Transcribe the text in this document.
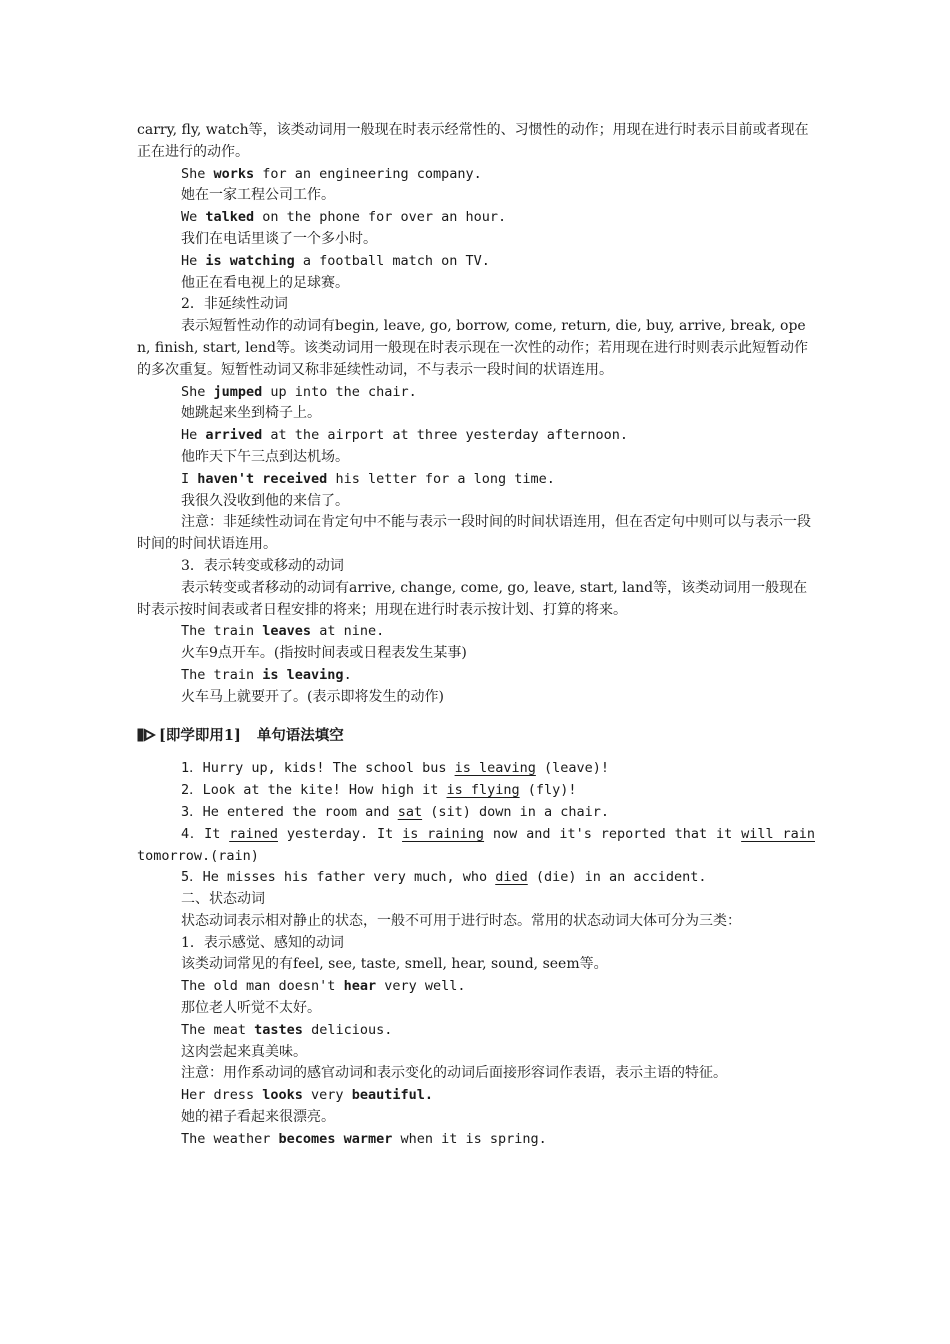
carry, fly, watch等，该类动词用一般现在时表示经常性的、习惯性的动作；用现在进行时表示目前或者现在正在进行的动作。

She works for an engineering company.

她在一家工程公司工作。

We talked on the phone for over an hour.

我们在电话里谈了一个多小时。

He is watching a football match on TV.

他正在看电视上的足球赛。

2．非延续性动词

表示短暂性动作的动词有begin, leave, go, borrow, come, return, die, buy, arrive, break, open, finish, start, lend等。该类动词用一般现在时表示现在一次性的动作；若用现在进行时则表示此短暂动作的多次重复。短暂性动词又称非延续性动词，不与表示一段时间的状语连用。

She jumped up into the chair.

她跳起来坐到椅子上。

He arrived at the airport at three yesterday afternoon.

他昨天下午三点到达机场。

I haven't received his letter for a long time.

我很久没收到他的来信了。

注意：非延续性动词在肯定句中不能与表示一段时间的时间状语连用，但在否定句中则可以与表示一段时间的时间状语连用。

3．表示转变或移动的动词

表示转变或者移动的动词有arrive, change, come, go, leave, start, land等，该类动词用一般现在时表示按时间表或者日程安排的将来；用现在进行时表示按计划、打算的将来。

The train leaves at nine.

火车9点开车。(指按时间表或日程表发生某事)

The train is leaving.

火车马上就要开了。(表示即将发生的动作)

[即学即用1] 单句语法填空

1．Hurry up, kids! The school bus is leaving (leave)!

2．Look at the kite! How high it is flying (fly)!

3．He entered the room and sat (sit) down in a chair.

4．It rained yesterday. It is raining now and it's reported that it will rain tomorrow.(rain)

5．He misses his father very much, who died (die) in an accident.

二、状态动词

状态动词表示相对静止的状态，一般不可用于进行时态。常用的状态动词大体可分为三类：

1．表示感觉、感知的动词

该类动词常见的有feel, see, taste, smell, hear, sound, seem等。

The old man doesn't hear very well.

那位老人听觉不太好。

The meat tastes delicious.

这肉尝起来真美味。

注意：用作系动词的感官动词和表示变化的动词后面接形容词作表语，表示主语的特征。

Her dress looks very beautiful.

她的裙子看起来很漂亮。

The weather becomes warmer when it is spring.
